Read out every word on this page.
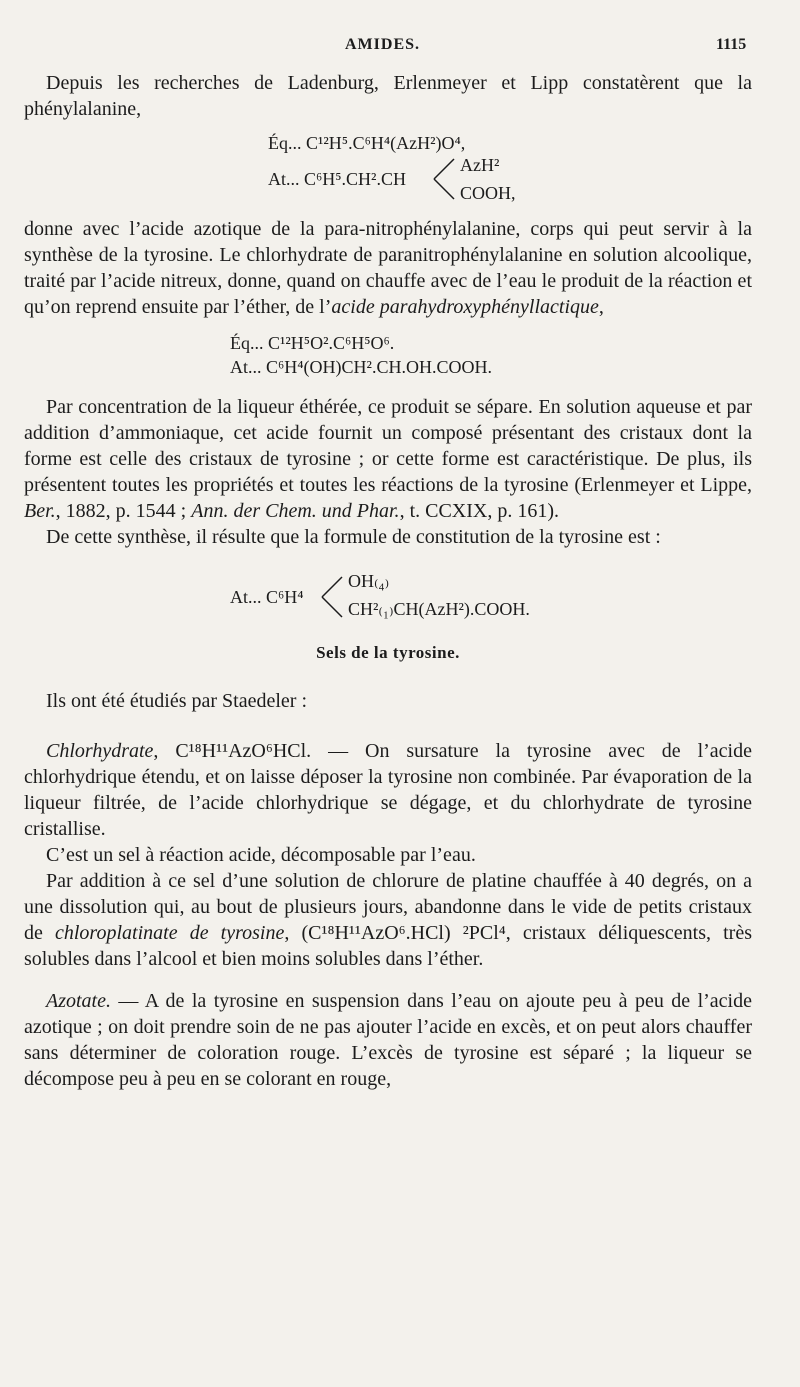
AMIDES.	1115

Depuis les recherches de Ladenburg, Erlenmeyer et Lipp constatèrent que la phénylalanine,

Éq... C¹²H⁵.C⁶H⁴(AzH²)O⁴,
At... C⁶H⁵.CH².CH
AzH²
COOH,

donne avec l’acide azotique de la para-nitrophénylalanine, corps qui peut servir à la synthèse de la tyrosine. Le chlorhydrate de paranitrophénylalanine en solution alcoolique, traité par l’acide nitreux, donne, quand on chauffe avec de l’eau le produit de la réaction et qu’on reprend ensuite par l’éther, de l’acide parahydroxyphényllactique,

Éq... C¹²H⁵O².C⁶H⁵O⁶.
At... C⁶H⁴(OH)CH².CH.OH.COOH.

Par concentration de la liqueur éthérée, ce produit se sépare. En solution aqueuse et par addition d’ammoniaque, cet acide fournit un composé présentant des cristaux dont la forme est celle des cristaux de tyrosine ; or cette forme est caractéristique. De plus, ils présentent toutes les propriétés et toutes les réactions de la tyrosine (Erlenmeyer et Lippe, Ber., 1882, p. 1544 ; Ann. der Chem. und Phar., t. CCXIX, p. 161).

De cette synthèse, il résulte que la formule de constitution de la tyrosine est :

At... C⁶H⁴
OH₍₄₎
CH²₍₁₎CH(AzH²).COOH.
Sels de la tyrosine.

Ils ont été étudiés par Staedeler :

Chlorhydrate, C¹⁸H¹¹AzO⁶HCl. — On sursature la tyrosine avec de l’acide chlorhydrique étendu, et on laisse déposer la tyrosine non combinée. Par évaporation de la liqueur filtrée, de l’acide chlorhydrique se dégage, et du chlorhydrate de tyrosine cristallise.

C’est un sel à réaction acide, décomposable par l’eau.

Par addition à ce sel d’une solution de chlorure de platine chauffée à 40 degrés, on a une dissolution qui, au bout de plusieurs jours, abandonne dans le vide de petits cristaux de chloroplatinate de tyrosine, (C¹⁸H¹¹AzO⁶.HCl) ²PCl⁴, cristaux déliquescents, très solubles dans l’alcool et bien moins solubles dans l’éther.

Azotate. — A de la tyrosine en suspension dans l’eau on ajoute peu à peu de l’acide azotique ; on doit prendre soin de ne pas ajouter l’acide en excès, et on peut alors chauffer sans déterminer de coloration rouge. L’excès de tyrosine est séparé ; la liqueur se décompose peu à peu en se colorant en rouge,
